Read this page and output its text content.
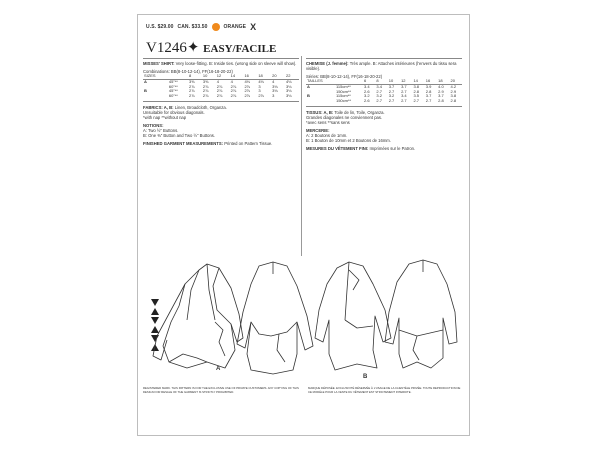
U.S. $29.00 CAN. $33.50	ORANGE X
V1246✦ EASY/FACILE
MISSES' SHIRT: Very loose-fitting. B: Inside ties. (wrong side on sleeve will show).
Combinations: BB(8-10-12-14), FF(16-18-20-22)
SIZES		8	10	12	14	16	18	20	22
A	45"**	3⅝	3⅝	4	4	4⅛	4⅛	4	4⅛
	60"**	2⅞	2⅞	2⅞	2⅞	2⅞	3	3⅛	3⅛
B	45"**	2⅞	2⅞	2⅞	2⅞	2⅞	3	3⅛	3⅛
	60"**	2⅞	2⅞	2⅞	2⅞	2⅞	2⅞	3	3⅛
FABRICS: A, B: Linen, Broadcloth, Organza.
Unsuitable for obvious diagonals.
*with nap **without nap
NOTIONS:
A: Two ½" Buttons.
B: One ⅜" Button and Two ½" Buttons.
FINISHED GARMENT MEASUREMENTS: Printed on Pattern Tissue.
CHEMISE (J. femme): Très ample. B: Attaches intérieures (l'envers du tissu sera visible).
Séries: BB(8-10-12-14), FF(16-18-20-22)
TAILLES		6	8	10	12	14	16	18	20
A	115cm**	3.4	3.4	3.7	3.7	3.8	3.9	4.0	4.2
	150cm**	2.6	2.7	2.7	2.7	2.8	2.8	2.9	2.9
B	115cm**	3.2	3.2	3.2	3.4	3.5	3.7	3.7	3.8
	150cm**	2.6	2.7	2.7	2.7	2.7	2.7	2.8	2.8
TISSUS: A, B: Toile de lin, Toile, Organza.
Grandes diagonales ne conviennent pas.
*avec sens **sans sens
MERCERIE:
A: 2 Boutons de 1mm.
B: 1 Bouton de 10mm et 2 Boutons de 16mm.
MESURES DU VÊTEMENT FINI: Imprimées sur le Patron.
A
B
REGISTERED MARK. THIS PATTERN IS FOR THE EXCLUSIVE USE OF PRIVATE CUSTOMERS. ANY COPYING OF THIS DESIGN FOR RESALE OF THE GARMENT IS STRICTLY PROHIBITED.
MARQUE DÉPOSÉE. EXCLUSIVITÉ RÉSERVÉE À L'USAGE DE LA CLIENTÈLE PRIVÉE. TOUTE REPRODUCTION DE CE MODÈLE POUR LA VENTE DU VÊTEMENT EST STRICTEMENT INTERDITE.
